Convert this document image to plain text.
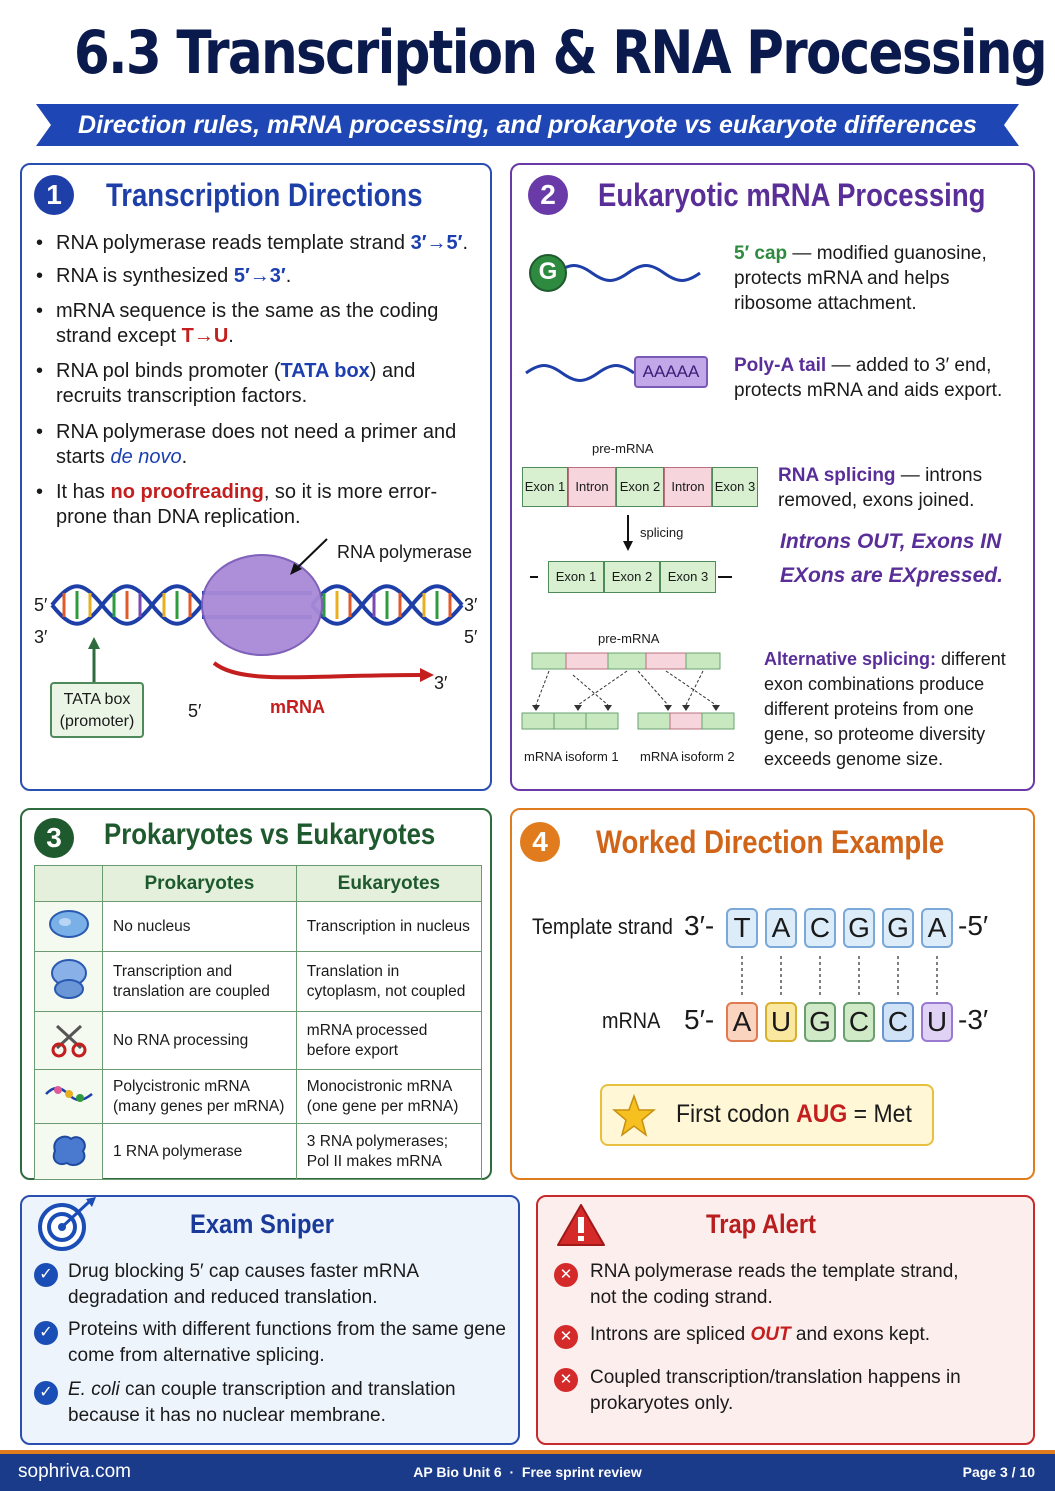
6.3 Transcription & RNA Processing
Direction rules, mRNA processing, and prokaryote vs eukaryote differences
1	Transcription Directions
• RNA polymerase reads template strand 3′→5′.
• RNA is synthesized 5′→3′.
• mRNA sequence is the same as the coding strand except T→U.
• RNA pol binds promoter (TATA box) and recruits transcription factors.
• RNA polymerase does not need a primer and starts de novo.
• It has no proofreading, so it is more error-prone than DNA replication.
RNA polymerase
5′
3′
3′
5′
TATA box
(promoter)
5′	mRNA
3′
2	Eukaryotic mRNA Processing
G
5′ cap — modified guanosine,
protects mRNA and helps
ribosome attachment.
AAAAA	Poly-A tail — added to 3′ end,
protects mRNA and aids export.
pre-mRNA
Exon 1 Intron Exon 2 Intron Exon 3
splicing
Exon 1	Exon 2	Exon 3
RNA splicing — introns
removed, exons joined.
Introns OUT, Exons IN
EXons are EXpressed.
pre-mRNA
mRNA isoform 1 mRNA isoform 2
Alternative splicing: different
exon combinations produce
different proteins from one
gene, so proteome diversity
exceeds genome size.
3	Prokaryotes vs Eukaryotes
	Prokaryotes	Eukaryotes
	No nucleus	Transcription in nucleus
	Transcription and translation are coupled	Translation in cytoplasm, not coupled
	No RNA processing	mRNA processed before export
	Polycistronic mRNA (many genes per mRNA)	Monocistronic mRNA (one gene per mRNA)
	1 RNA polymerase	3 RNA polymerases; Pol II makes mRNA
4	Worked Direction Example
Template strand 3′- T A C G G A -5′
mRNA 5′- A U G C C U -3′
First codon AUG = Met
Exam Sniper
✓ Drug blocking 5′ cap causes faster mRNA degradation and reduced translation.
✓ Proteins with different functions from the same gene come from alternative splicing.
✓ E. coli can couple transcription and translation because it has no nuclear membrane.
Trap Alert
✕ RNA polymerase reads the template strand, not the coding strand.
✕ Introns are spliced OUT and exons kept.
✕ Coupled transcription/translation happens in prokaryotes only.
sophriva.com	AP Bio Unit 6 · Free sprint review	Page 3 / 10
